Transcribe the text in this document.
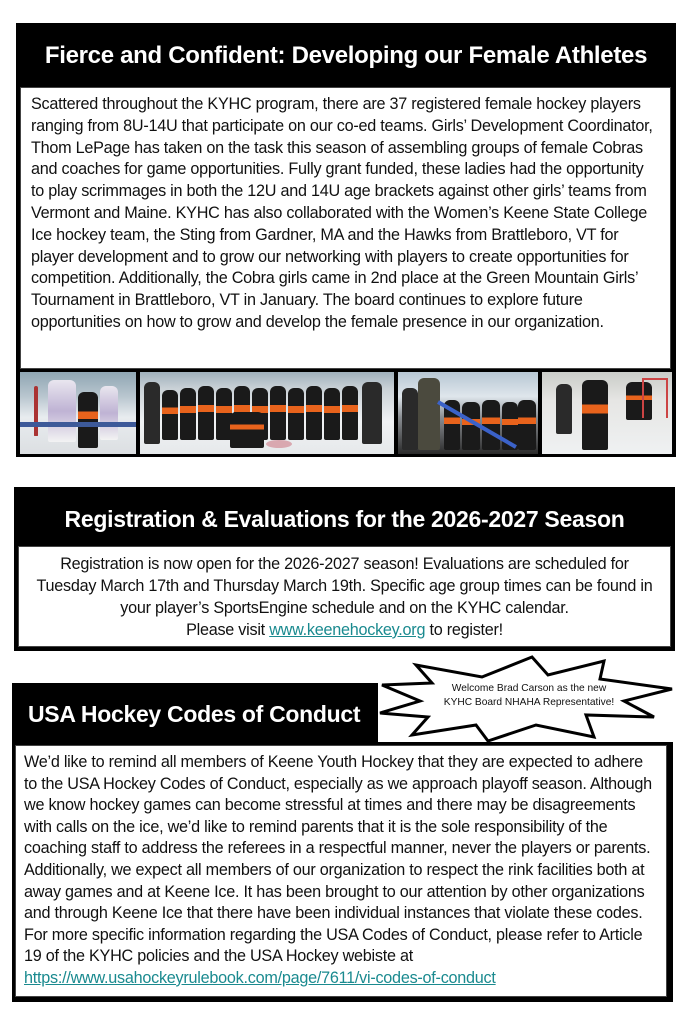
Fierce and Confident: Developing our Female Athletes
Scattered throughout the KYHC program, there are 37 registered female hockey players
ranging from 8U-14U that participate on our co-ed teams. Girls’ Development Coordinator,
Thom LePage has taken on the task this season of assembling groups of female Cobras
and coaches for game opportunities. Fully grant funded, these ladies had the opportunity
to play scrimmages in both the 12U and 14U age brackets against other girls’ teams from
Vermont and Maine. KYHC has also collaborated with the Women’s Keene State College
Ice hockey team, the Sting from Gardner, MA and the Hawks from Brattleboro, VT for
player development and to grow our networking with players to create opportunities for
competition. Additionally, the Cobra girls came in 2nd place at the Green Mountain Girls’
Tournament in Brattleboro, VT in January. The board continues to explore future
opportunities on how to grow and develop the female presence in our organization.
Registration & Evaluations for the 2026-2027 Season
Registration is now open for the 2026-2027 season! Evaluations are scheduled for
Tuesday March 17th and Thursday March 19th. Specific age group times can be found in
your player’s SportsEngine schedule and on the KYHC calendar.
Please visit www.keenehockey.org to register!
Welcome Brad Carson as the new
KYHC Board NHAHA Representative!
USA Hockey Codes of Conduct
We’d like to remind all members of Keene Youth Hockey that they are expected to adhere
to the USA Hockey Codes of Conduct, especially as we approach playoff season. Although
we know hockey games can become stressful at times and there may be disagreements
with calls on the ice, we’d like to remind parents that it is the sole responsibility of the
coaching staff to address the referees in a respectful manner, never the players or parents.
Additionally, we expect all members of our organization to respect the rink facilities both at
away games and at Keene Ice. It has been brought to our attention by other organizations
and through Keene Ice that there have been individual instances that violate these codes.
For more specific information regarding the USA Codes of Conduct, please refer to Article
19 of the KYHC policies and the USA Hockey webiste at
https://www.usahockeyrulebook.com/page/7611/vi-codes-of-conduct
